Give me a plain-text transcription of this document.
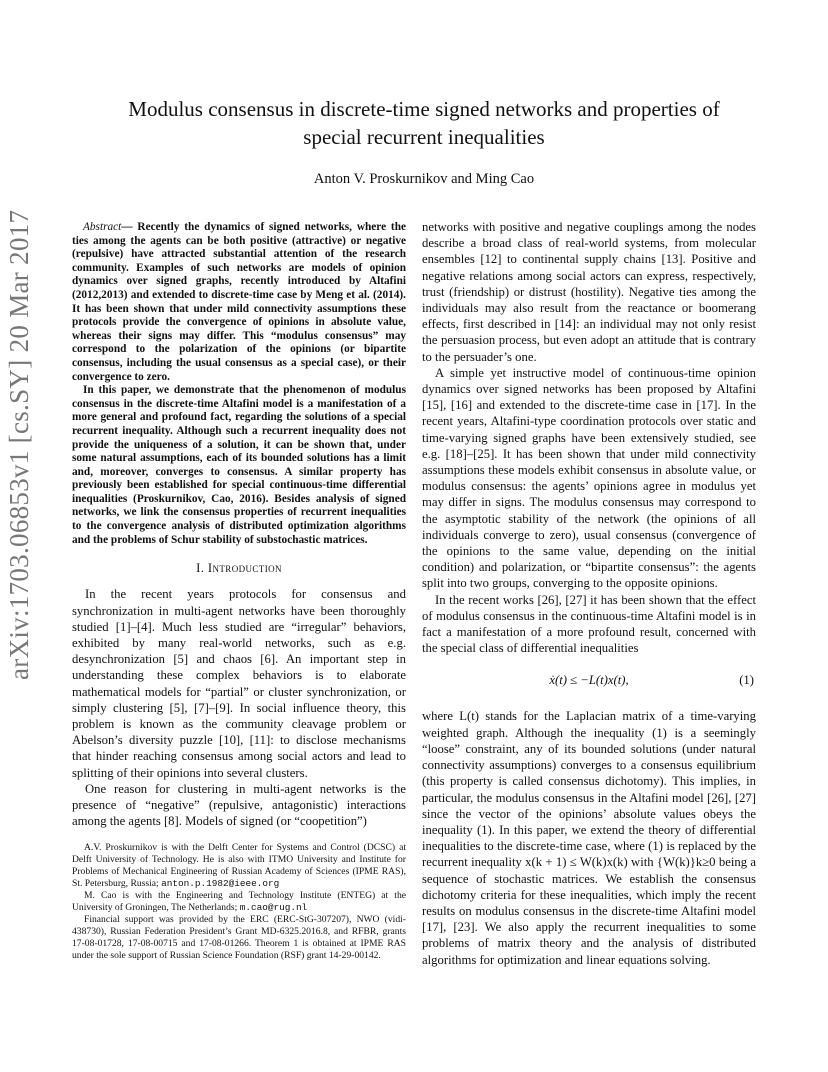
arXiv:1703.06853v1 [cs.SY] 20 Mar 2017
Modulus consensus in discrete-time signed networks and properties of
special recurrent inequalities
Anton V. Proskurnikov and Ming Cao

Abstract— Recently the dynamics of signed networks, where the ties among the agents can be both positive (attractive) or negative (repulsive) have attracted substantial attention of the research community. Examples of such networks are models of opinion dynamics over signed graphs, recently introduced by Altafini (2012,2013) and extended to discrete-time case by Meng et al. (2014). It has been shown that under mild connectivity assumptions these protocols provide the convergence of opinions in absolute value, whereas their signs may differ. This “modulus consensus” may correspond to the polarization of the opinions (or bipartite consensus, including the usual consensus as a special case), or their convergence to zero.

In this paper, we demonstrate that the phenomenon of modulus consensus in the discrete-time Altafini model is a manifestation of a more general and profound fact, regarding the solutions of a special recurrent inequality. Although such a recurrent inequality does not provide the uniqueness of a solution, it can be shown that, under some natural assumptions, each of its bounded solutions has a limit and, moreover, converges to consensus. A similar property has previously been established for special continuous-time differential inequalities (Proskurnikov, Cao, 2016). Besides analysis of signed networks, we link the consensus properties of recurrent inequalities to the convergence analysis of distributed optimization algorithms and the problems of Schur stability of substochastic matrices.

I. Introduction

In the recent years protocols for consensus and synchronization in multi-agent networks have been thoroughly studied [1]–[4]. Much less studied are “irregular” behaviors, exhibited by many real-world networks, such as e.g. desynchronization [5] and chaos [6]. An important step in understanding these complex behaviors is to elaborate mathematical models for “partial” or cluster synchronization, or simply clustering [5], [7]–[9]. In social influence theory, this problem is known as the community cleavage problem or Abelson’s diversity puzzle [10], [11]: to disclose mechanisms that hinder reaching consensus among social actors and lead to splitting of their opinions into several clusters.

One reason for clustering in multi-agent networks is the presence of “negative” (repulsive, antagonistic) interactions among the agents [8]. Models of signed (or “coopetition”)

A.V. Proskurnikov is with the Delft Center for Systems and Control (DCSC) at Delft University of Technology. He is also with ITMO University and Institute for Problems of Mechanical Engineering of Russian Academy of Sciences (IPME RAS), St. Petersburg, Russia; anton.p.1982@ieee.org

M. Cao is with the Engineering and Technology Institute (ENTEG) at the University of Groningen, The Netherlands; m.cao@rug.nl

Financial support was provided by the ERC (ERC-StG-307207), NWO (vidi-438730), Russian Federation President’s Grant MD-6325.2016.8, and RFBR, grants 17-08-01728, 17-08-00715 and 17-08-01266. Theorem 1 is obtained at IPME RAS under the sole support of Russian Science Foundation (RSF) grant 14-29-00142.

networks with positive and negative couplings among the nodes describe a broad class of real-world systems, from molecular ensembles [12] to continental supply chains [13]. Positive and negative relations among social actors can express, respectively, trust (friendship) or distrust (hostility). Negative ties among the individuals may also result from the reactance or boomerang effects, first described in [14]: an individual may not only resist the persuasion process, but even adopt an attitude that is contrary to the persuader’s one.

A simple yet instructive model of continuous-time opinion dynamics over signed networks has been proposed by Altafini [15], [16] and extended to the discrete-time case in [17]. In the recent years, Altafini-type coordination protocols over static and time-varying signed graphs have been extensively studied, see e.g. [18]–[25]. It has been shown that under mild connectivity assumptions these models exhibit consensus in absolute value, or modulus consensus: the agents’ opinions agree in modulus yet may differ in signs. The modulus consensus may correspond to the asymptotic stability of the network (the opinions of all individuals converge to zero), usual consensus (convergence of the opinions to the same value, depending on the initial condition) and polarization, or “bipartite consensus”: the agents split into two groups, converging to the opposite opinions.

In the recent works [26], [27] it has been shown that the effect of modulus consensus in the continuous-time Altafini model is in fact a manifestation of a more profound result, concerned with the special class of differential inequalities

ẋ(t) ≤ −L(t)x(t),	(1)

where L(t) stands for the Laplacian matrix of a time-varying weighted graph. Although the inequality (1) is a seemingly “loose” constraint, any of its bounded solutions (under natural connectivity assumptions) converges to a consensus equilibrium (this property is called consensus dichotomy). This implies, in particular, the modulus consensus in the Altafini model [26], [27] since the vector of the opinions’ absolute values obeys the inequality (1). In this paper, we extend the theory of differential inequalities to the discrete-time case, where (1) is replaced by the recurrent inequality x(k + 1) ≤ W(k)x(k) with {W(k)}k≥0 being a sequence of stochastic matrices. We establish the consensus dichotomy criteria for these inequalities, which imply the recent results on modulus consensus in the discrete-time Altafini model [17], [23]. We also apply the recurrent inequalities to some problems of matrix theory and the analysis of distributed algorithms for optimization and linear equations solving.
